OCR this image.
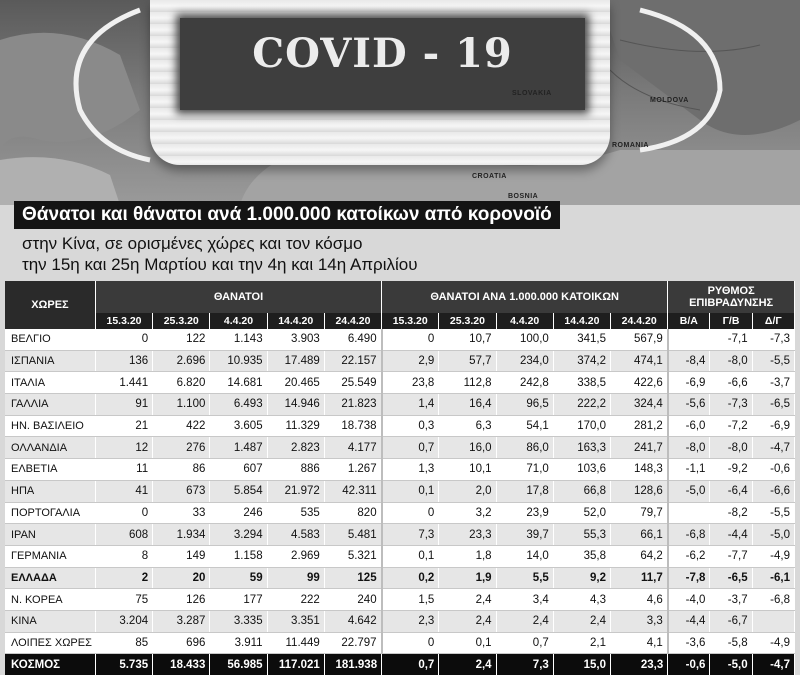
COVID - 19
SLOVAKIA
MOLDOVA
ROMANIA
CROATIA
BOSNIA
Θάνατοι και θάνατοι ανά 1.000.000 κατοίκων από κορονοϊό
στην Κίνα, σε ορισμένες χώρες και τον κόσμο
την 15η και 25η Μαρτίου και την 4η και 14η Απριλίου
ΧΩΡΕΣ	ΘΑΝΑΤΟΙ					ΘΑΝΑΤΟΙ ΑΝΑ 1.000.000 ΚΑΤΟΙΚΩΝ					ΡΥΘΜΟΣ ΕΠΙΒΡΑΔΥΝΣΗΣ		
	15.3.20	25.3.20	4.4.20	14.4.20	24.4.20	15.3.20	25.3.20	4.4.20	14.4.20	24.4.20	Β/Α	Γ/Β	Δ/Γ
ΒΕΛΓΙΟ	0	122	1.143	3.903	6.490	0	10,7	100,0	341,5	567,9		-7,1	-7,3
ΙΣΠΑΝΙΑ	136	2.696	10.935	17.489	22.157	2,9	57,7	234,0	374,2	474,1	-8,4	-8,0	-5,5
ΙΤΑΛΙΑ	1.441	6.820	14.681	20.465	25.549	23,8	112,8	242,8	338,5	422,6	-6,9	-6,6	-3,7
ΓΑΛΛΙΑ	91	1.100	6.493	14.946	21.823	1,4	16,4	96,5	222,2	324,4	-5,6	-7,3	-6,5
ΗΝ. ΒΑΣΙΛΕΙΟ	21	422	3.605	11.329	18.738	0,3	6,3	54,1	170,0	281,2	-6,0	-7,2	-6,9
ΟΛΛΑΝΔΙΑ	12	276	1.487	2.823	4.177	0,7	16,0	86,0	163,3	241,7	-8,0	-8,0	-4,7
ΕΛΒΕΤΙΑ	11	86	607	886	1.267	1,3	10,1	71,0	103,6	148,3	-1,1	-9,2	-0,6
ΗΠΑ	41	673	5.854	21.972	42.311	0,1	2,0	17,8	66,8	128,6	-5,0	-6,4	-6,6
ΠΟΡΤΟΓΑΛΙΑ	0	33	246	535	820	0	3,2	23,9	52,0	79,7		-8,2	-5,5
ΙΡΑΝ	608	1.934	3.294	4.583	5.481	7,3	23,3	39,7	55,3	66,1	-6,8	-4,4	-5,0
ΓΕΡΜΑΝΙΑ	8	149	1.158	2.969	5.321	0,1	1,8	14,0	35,8	64,2	-6,2	-7,7	-4,9
ΕΛΛΑΔΑ	2	20	59	99	125	0,2	1,9	5,5	9,2	11,7	-7,8	-6,5	-6,1
Ν. ΚΟΡΕΑ	75	126	177	222	240	1,5	2,4	3,4	4,3	4,6	-4,0	-3,7	-6,8
ΚΙΝΑ	3.204	3.287	3.335	3.351	4.642	2,3	2,4	2,4	2,4	3,3	-4,4	-6,7	
ΛΟΙΠΕΣ ΧΩΡΕΣ	85	696	3.911	11.449	22.797	0	0,1	0,7	2,1	4,1	-3,6	-5,8	-4,9
ΚΟΣΜΟΣ	5.735	18.433	56.985	117.021	181.938	0,7	2,4	7,3	15,0	23,3	-0,6	-5,0	-4,7
